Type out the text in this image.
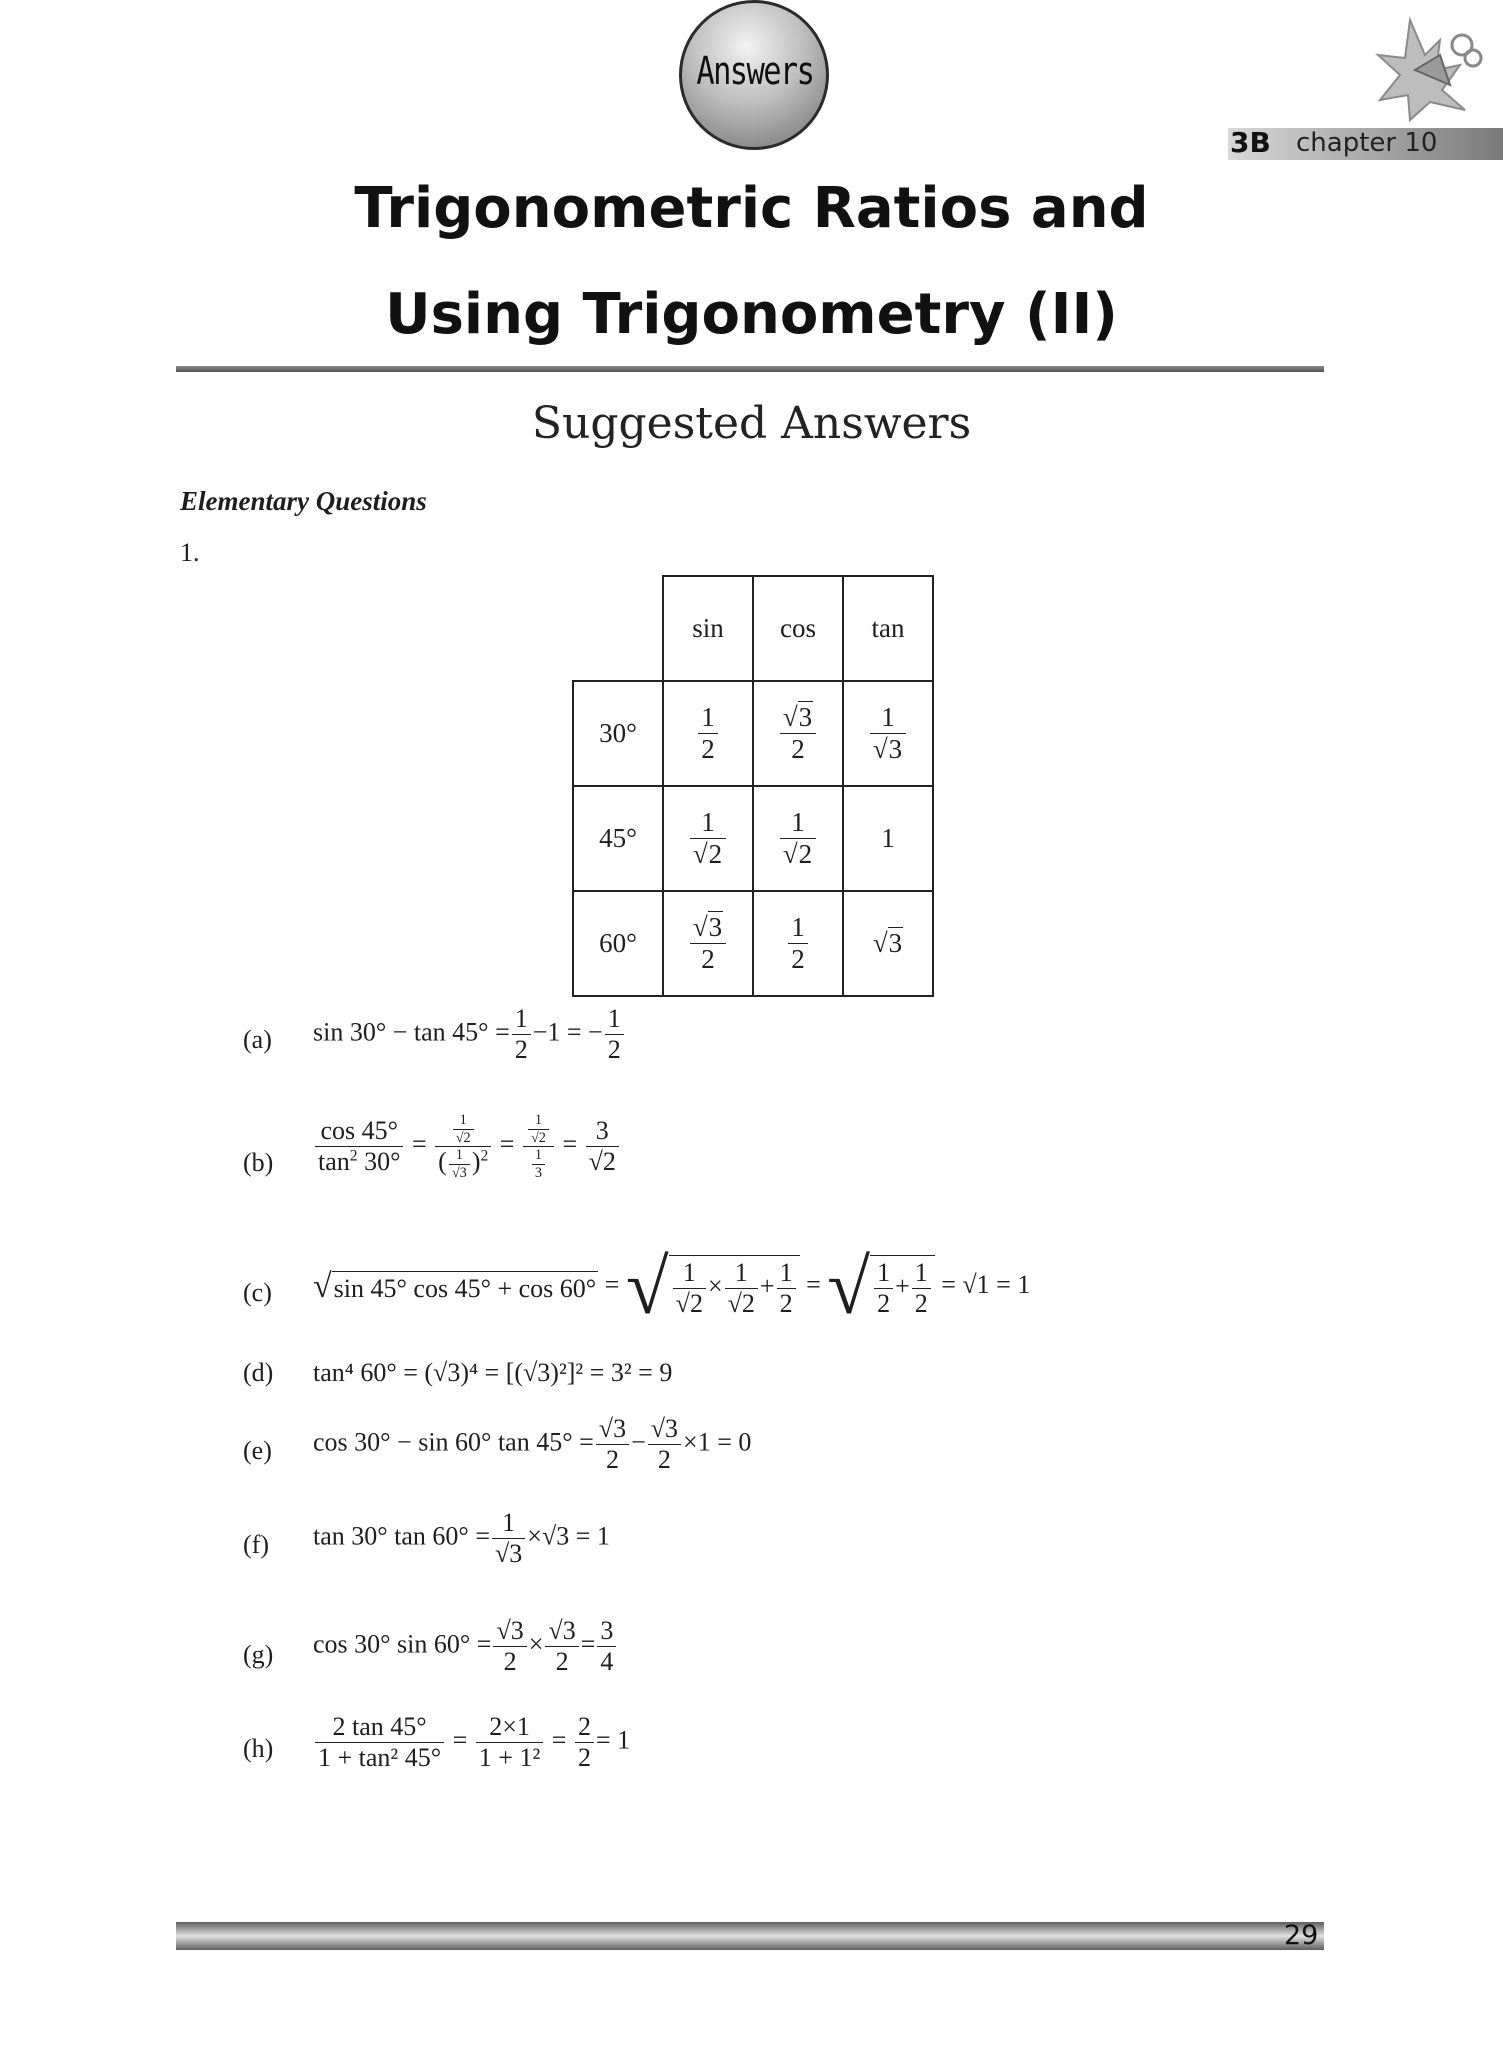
Answers
3B chapter 10
Trigonometric Ratios and
Using Trigonometry (II)
Suggested Answers
Elementary Questions
1.
	sin	cos	tan
30°	$\frac{1}{2}$	$\frac{√3}{2}$	$\frac{1}{√3}$

45°	$\frac{1}{√2}$	$\frac{1}{√2}$	1
60°	$\frac{√3}{2}$	$\frac{1}{2}$	√3
(a) $\sin 30^\circ - \tan 45^\circ = \frac{1}{2} -1$ = − $\frac{1}{2}$
$(b) \frac{\cos 45^\circ}{\tan^2 30^\circ} = \frac{\frac{1}{√2}}{( \frac{1}{√3} )^2} = \frac{\frac{1}{√2}}{\frac{1}{3}} = \frac{3}{√2}$
(c) √sin 45° cos 45° + cos 60° = √ $\frac{1}{√2} \times \frac{1}{√2} + \frac{1}{2}$ = √ $\frac{1}{2} + \frac{1}{2} = √1 = 1$
(d) tan⁴ 60° = (√3)⁴ = [(√3)²]² = 3² = 9
(e) cos 30° − sin 60° $\tan 45^\circ = \frac{√3}{2} - \frac{√3}{2} \times 1 = 0$
(f) tan 30° $\tan 60^\circ = \frac{1}{√3} \times√3 = 1$
(g) cos 30° $\sin 60^\circ = \frac{√3}{2} \times \frac{√3}{2} = \frac{3}{4}$
$(h) \frac{2 \tan 45^\circ}{\text{1 + tan² 45°}} = \frac{2\times 1}{\text{1 + 1²}} = \frac{2}{2} = 1$
29
